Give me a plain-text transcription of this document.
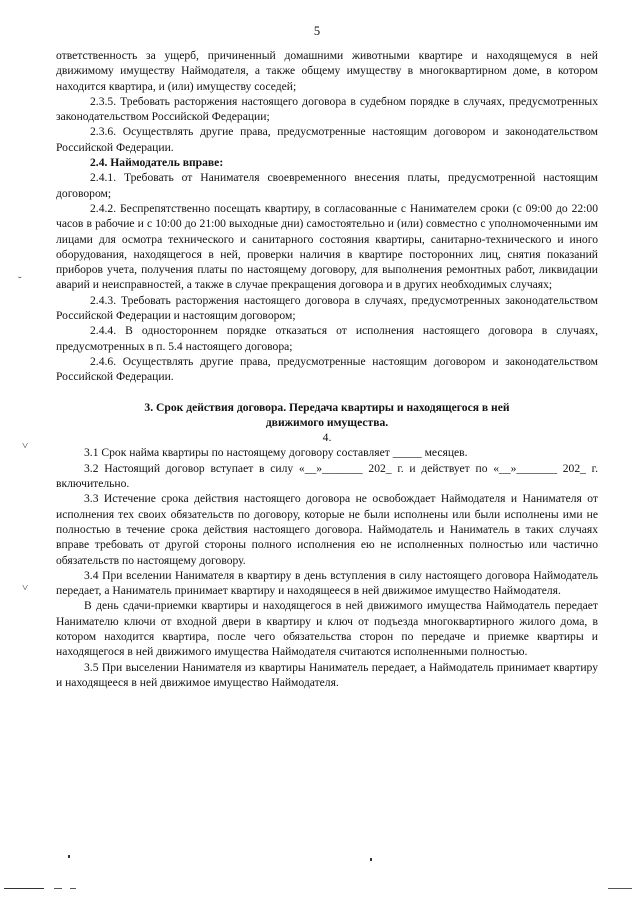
5

ответственность за ущерб, причиненный домашними животными квартире и находящемуся в ней движимому имуществу Наймодателя, а также общему имуществу в многоквартирном доме, в котором находится квартира, и (или) имуществу соседей;

2.3.5. Требовать расторжения настоящего договора в судебном порядке в случаях, предусмотренных законодательством Российской Федерации;

2.3.6. Осуществлять другие права, предусмотренные настоящим договором и законодательством Российской Федерации.

2.4. Наймодатель вправе:

2.4.1. Требовать от Нанимателя своевременного внесения платы, предусмотренной настоящим договором;

2.4.2. Беспрепятственно посещать квартиру, в согласованные с Нанимателем сроки (с 09:00 до 22:00 часов в рабочие и с 10:00 до 21:00 выходные дни) самостоятельно и (или) совместно с уполномоченными им лицами для осмотра технического и санитарного состояния квартиры, санитарно-технического и иного оборудования, находящегося в ней, проверки наличия в квартире посторонних лиц, снятия показаний приборов учета, получения платы по настоящему договору, для выполнения ремонтных работ, ликвидации аварий и неисправностей, а также в случае прекращения договора и в других необходимых случаях;

2.4.3. Требовать расторжения настоящего договора в случаях, предусмотренных законодательством Российской Федерации и настоящим договором;

2.4.4. В одностороннем порядке отказаться от исполнения настоящего договора в случаях, предусмотренных в п. 5.4 настоящего договора;

2.4.6. Осуществлять другие права, предусмотренные настоящим договором и законодательством Российской Федерации.

3. Срок действия договора. Передача квартиры и находящегося в ней
движимого имущества.

4.

3.1 Срок найма квартиры по настоящему договору составляет _____ месяцев.

3.2 Настоящий договор вступает в силу «__»_______ 202_ г. и действует по «__»_______ 202_ г. включительно.

3.3 Истечение срока действия настоящего договора не освобождает Наймодателя и Нанимателя от исполнения тех своих обязательств по договору, которые не были исполнены или были исполнены ими не полностью в течение срока действия настоящего договора. Наймодатель и Наниматель в таких случаях вправе требовать от другой стороны полного исполнения ею не исполненных полностью или частично обязательств по настоящему договору.

3.4 При вселении Нанимателя в квартиру в день вступления в силу настоящего договора Наймодатель передает, а Наниматель принимает квартиру и находящееся в ней движимое имущество Наймодателя.

В день сдачи-приемки квартиры и находящегося в ней движимого имущества Наймодатель передает Нанимателю ключи от входной двери в квартиру и ключ от подъезда многоквартирного жилого дома, в котором находится квартира, после чего обязательства сторон по передаче и приемке квартиры и находящегося в ней движимого имущества Наймодателя считаются исполненными полностью.

3.5 При выселении Нанимателя из квартиры Наниматель передает, а Наймодатель принимает квартиру и находящееся в ней движимое имущество Наймодателя.

˘
˅
˅
